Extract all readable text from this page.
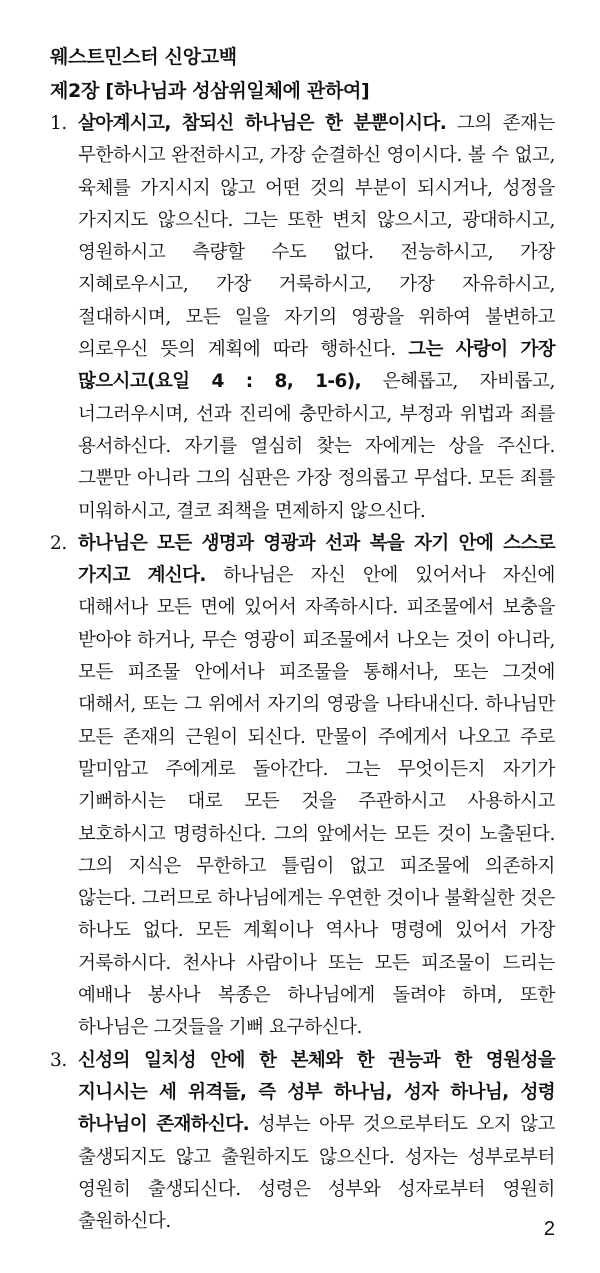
웨스트민스터 신앙고백
제2장 [하나님과 성삼위일체에 관하여]
1. 살아계시고, 참되신 하나님은 한 분뿐이시다. 그의 존재는 무한하시고 완전하시고, 가장 순결하신 영이시다. 볼 수 없고, 육체를 가지시지 않고 어떤 것의 부분이 되시거나, 성정을 가지지도 않으신다. 그는 또한 변치 않으시고, 광대하시고, 영원하시고 측량할 수도 없다. 전능하시고, 가장 지혜로우시고, 가장 거룩하시고, 가장 자유하시고, 절대하시며, 모든 일을 자기의 영광을 위하여 불변하고 의로우신 뜻의 계획에 따라 행하신다. 그는 사랑이 가장 많으시고(요일 4 : 8, 1-6), 은혜롭고, 자비롭고, 너그러우시며, 선과 진리에 충만하시고, 부정과 위법과 죄를 용서하신다. 자기를 열심히 찾는 자에게는 상을 주신다. 그뿐만 아니라 그의 심판은 가장 정의롭고 무섭다. 모든 죄를 미워하시고, 결코 죄책을 면제하지 않으신다.
2. 하나님은 모든 생명과 영광과 선과 복을 자기 안에 스스로 가지고 계신다. 하나님은 자신 안에 있어서나 자신에 대해서나 모든 면에 있어서 자족하시다. 피조물에서 보충을 받아야 하거나, 무슨 영광이 피조물에서 나오는 것이 아니라, 모든 피조물 안에서나 피조물을 통해서나, 또는 그것에 대해서, 또는 그 위에서 자기의 영광을 나타내신다. 하나님만 모든 존재의 근원이 되신다. 만물이 주에게서 나오고 주로 말미암고 주에게로 돌아간다. 그는 무엇이든지 자기가 기뻐하시는 대로 모든 것을 주관하시고 사용하시고 보호하시고 명령하신다. 그의 앞에서는 모든 것이 노출된다. 그의 지식은 무한하고 틀림이 없고 피조물에 의존하지 않는다. 그러므로 하나님에게는 우연한 것이나 불확실한 것은 하나도 없다. 모든 계획이나 역사나 명령에 있어서 가장 거룩하시다. 천사나 사람이나 또는 모든 피조물이 드리는 예배나 봉사나 복종은 하나님에게 돌려야 하며, 또한 하나님은 그것들을 기뻐 요구하신다.
3. 신성의 일치성 안에 한 본체와 한 권능과 한 영원성을 지니시는 세 위격들, 즉 성부 하나님, 성자 하나님, 성령 하나님이 존재하신다. 성부는 아무 것으로부터도 오지 않고 출생되지도 않고 출원하지도 않으신다. 성자는 성부로부터 영원히 출생되신다. 성령은 성부와 성자로부터 영원히 출원하신다.	2
